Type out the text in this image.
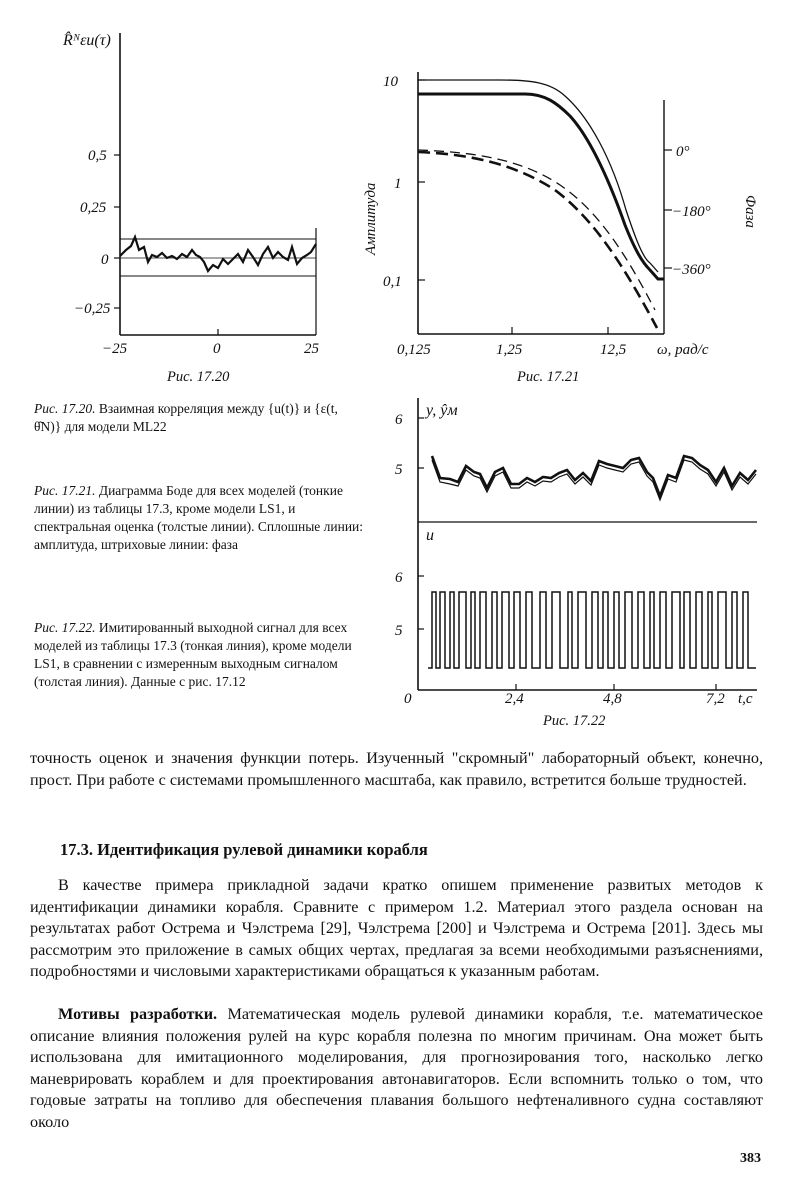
R̂ᴺεu(τ)
0,5
0,25
0
−0,25
−25	0	25
Рис. 17.20
10
1
0,1
Амплитуда
0°
−180°
−360°
Фаза
0,125	1,25	12,5 ω, рад/с
Рис. 17.21
y, ŷм
6
5
u
6
5
0	2,4	4,8	7,2 t,c
Рис. 17.22
Рис. 17.20. Взаимная корреляция между {u(t)} и {ε(t, θ̂N)} для модели ML22
Рис. 17.21. Диаграмма Боде для всех моделей (тонкие линии) из таблицы 17.3, кроме модели LS1, и спектральная оценка (толстые линии). Сплошные линии: амплитуда, штриховые линии: фаза
Рис. 17.22. Имитированный выходной сигнал для всех моделей из таблицы 17.3 (тонкая линия), кроме модели LS1, в сравнении с измеренным выходным сигналом (толстая линия). Данные с рис. 17.12
точность оценок и значения функции потерь. Изученный "скромный" лабораторный объект, конечно, прост. При работе с системами промышленного масштаба, как правило, встретится больше трудностей.
17.3. Идентификация рулевой динамики корабля
В качестве примера прикладной задачи кратко опишем применение развитых методов к идентификации динамики корабля. Сравните с примером 1.2. Материал этого раздела основан на результатах работ Острема и Чэлстрема [29], Чэлстрема [200] и Чэлстрема и Острема [201]. Здесь мы рассмотрим это приложение в самых общих чертах, предлагая за всеми необходимыми разъяснениями, подробностями и числовыми характеристиками обращаться к указанным работам.
Мотивы разработки. Математическая модель рулевой динамики корабля, т.е. математическое описание влияния положения рулей на курс корабля полезна по многим причинам. Она может быть использована для имитационного моделирования, для прогнозирования того, насколько легко маневрировать кораблем и для проектирования автонавигаторов. Если вспомнить только о том, что годовые затраты на топливо для обеспечения плавания большого нефтеналивного судна составляют около
383
